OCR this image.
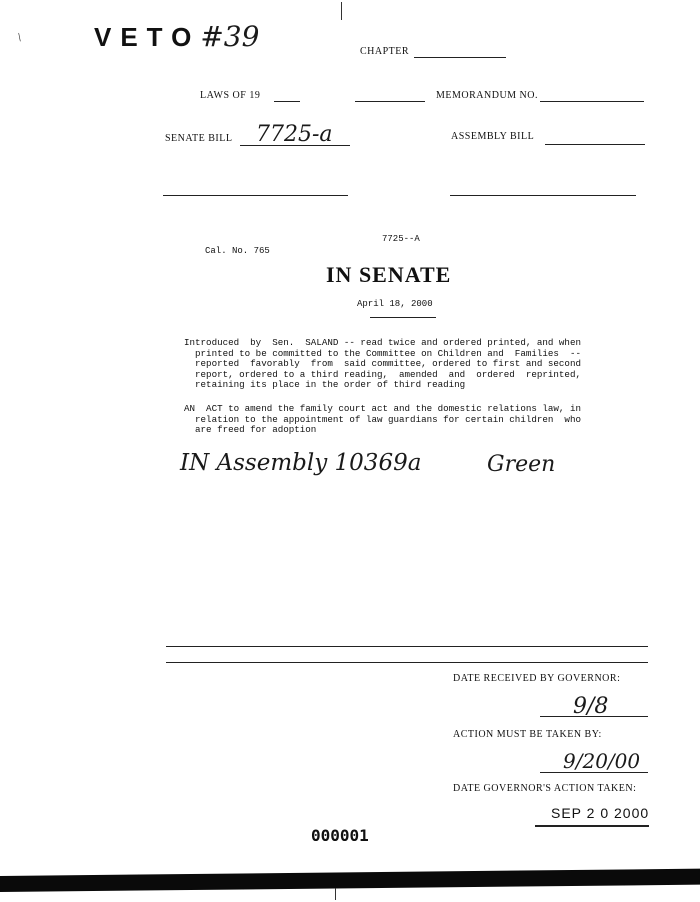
/	VETO#39	CHAPTER
LAWS OF 19	MEMORANDUM NO.
SENATE BILL 7725-a	ASSEMBLY BILL
Cal. No. 765
7725--A
IN SENATE
April 18, 2000
Introduced  by  Sen.  SALAND -- read twice and ordered printed, and when
printed to be committed to the Committee on Children and  Families  --
reported  favorably  from  said committee, ordered to first and second
report, ordered to a third reading,  amended  and  ordered  reprinted,
retaining its place in the order of third reading
AN  ACT to amend the family court act and the domestic relations law, in
relation to the appointment of law guardians for certain children  who
are freed for adoption
IN Assembly 10369a	Green
DATE RECEIVED BY GOVERNOR:
9/8
ACTION MUST BE TAKEN BY:
9/20/00
DATE GOVERNOR'S ACTION TAKEN:
SEP 2 0 2000
000001
